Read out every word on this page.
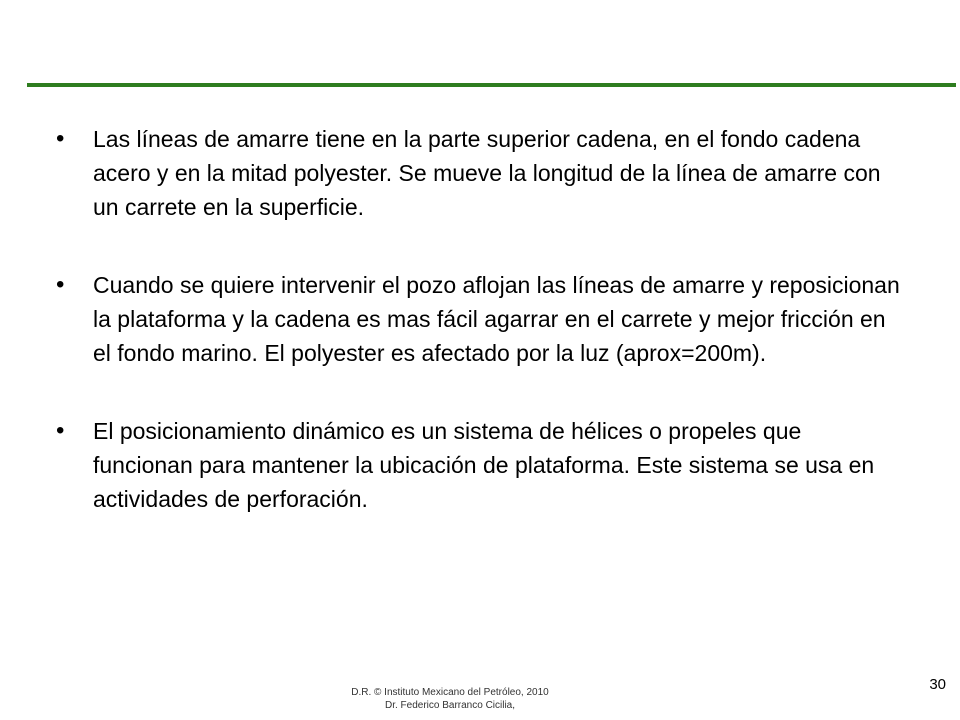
•	Las líneas de amarre tiene en la parte superior cadena, en el fondo cadena acero y en la mitad polyester. Se mueve la longitud de la línea de amarre con un carrete en la superficie.
•	Cuando se quiere intervenir el pozo aflojan las líneas de amarre y reposicionan la plataforma y la cadena es mas fácil agarrar en el carrete y mejor fricción en el fondo marino. El polyester es afectado por la luz (aprox=200m).
•	El posicionamiento dinámico es un sistema de hélices o propeles que funcionan para mantener la ubicación de plataforma. Este sistema se usa en actividades de perforación.
D.R. © Instituto Mexicano del Petróleo, 2010
Dr. Federico Barranco Cicilia,
30
